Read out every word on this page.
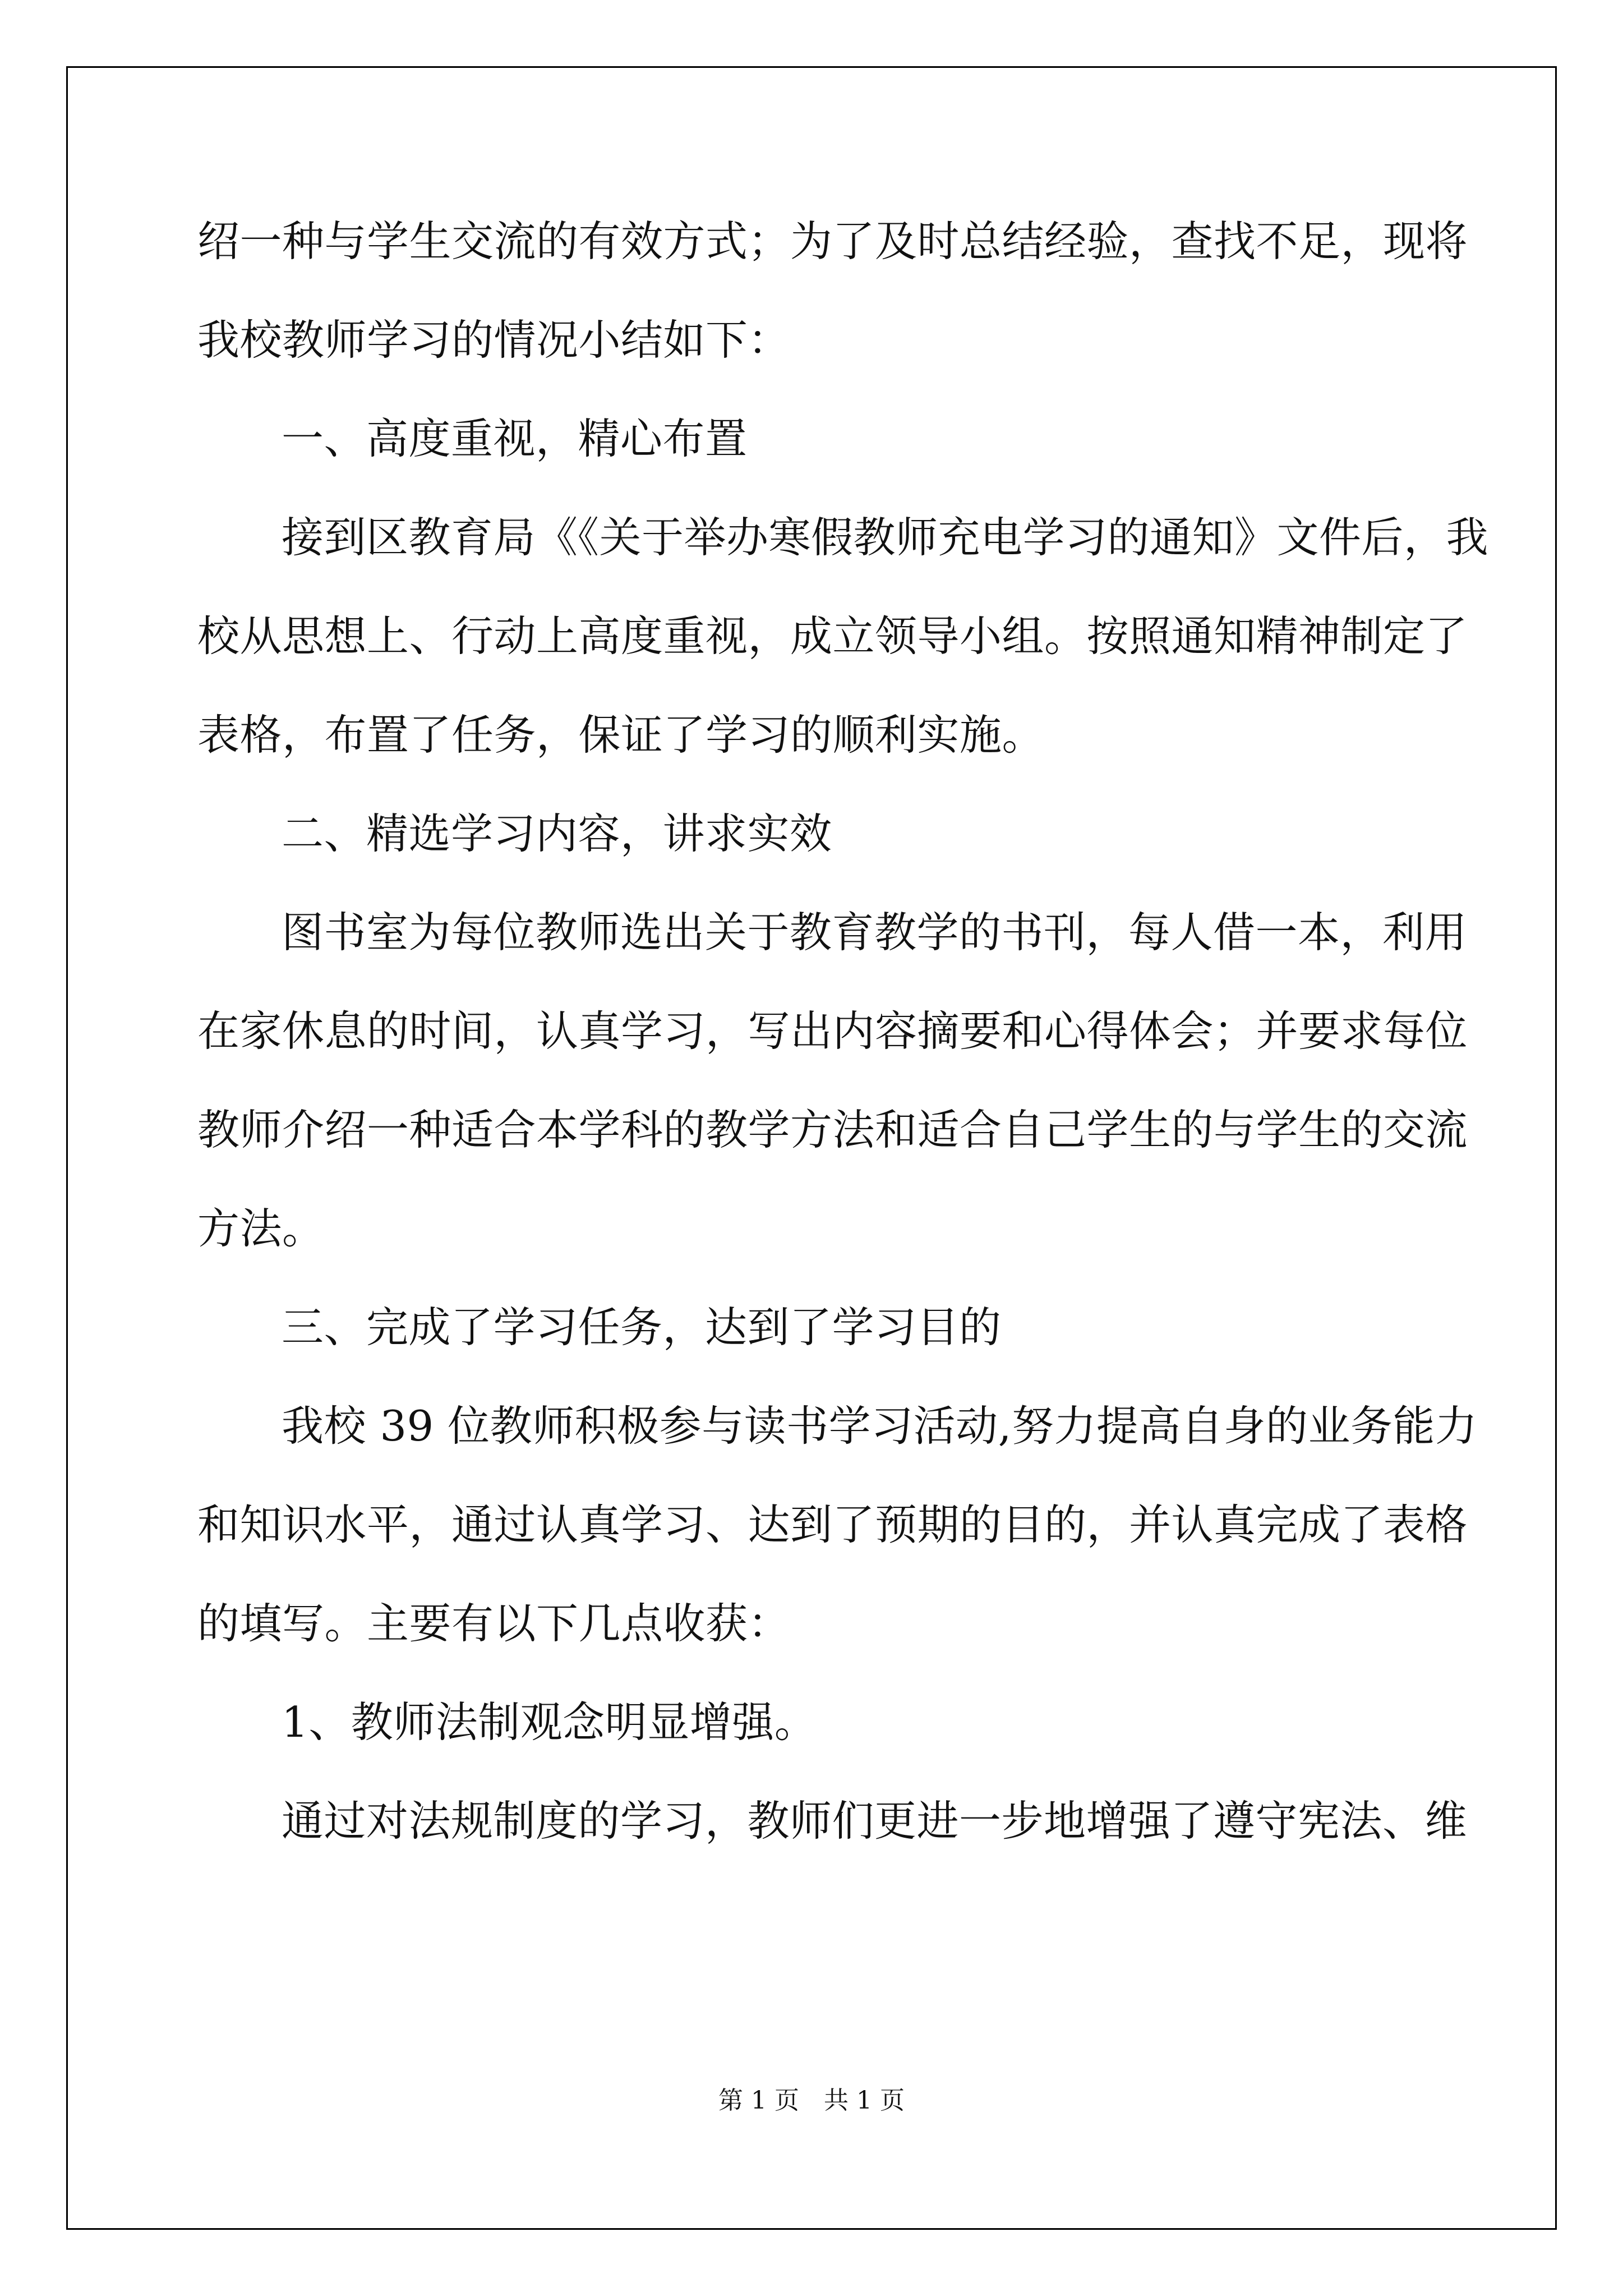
绍一种与学生交流的有效方式；为了及时总结经验，查找不足，现将
我校教师学习的情况小结如下：
一、高度重视，精心布置
接到区教育局《《关于举办寒假教师充电学习的通知》文件后，我
校从思想上、行动上高度重视，成立领导小组。按照通知精神制定了
表格，布置了任务，保证了学习的顺利实施。
二、精选学习内容，讲求实效
图书室为每位教师选出关于教育教学的书刊，每人借一本，利用
在家休息的时间，认真学习，写出内容摘要和心得体会；并要求每位
教师介绍一种适合本学科的教学方法和适合自己学生的与学生的交流
方法。
三、完成了学习任务，达到了学习目的
我校 39 位教师积极参与读书学习活动,努力提高自身的业务能力
和知识水平，通过认真学习、达到了预期的目的，并认真完成了表格
的填写。主要有以下几点收获：
1、教师法制观念明显增强。
通过对法规制度的学习，教师们更进一步地增强了遵守宪法、维
第 1 页　共 1 页
